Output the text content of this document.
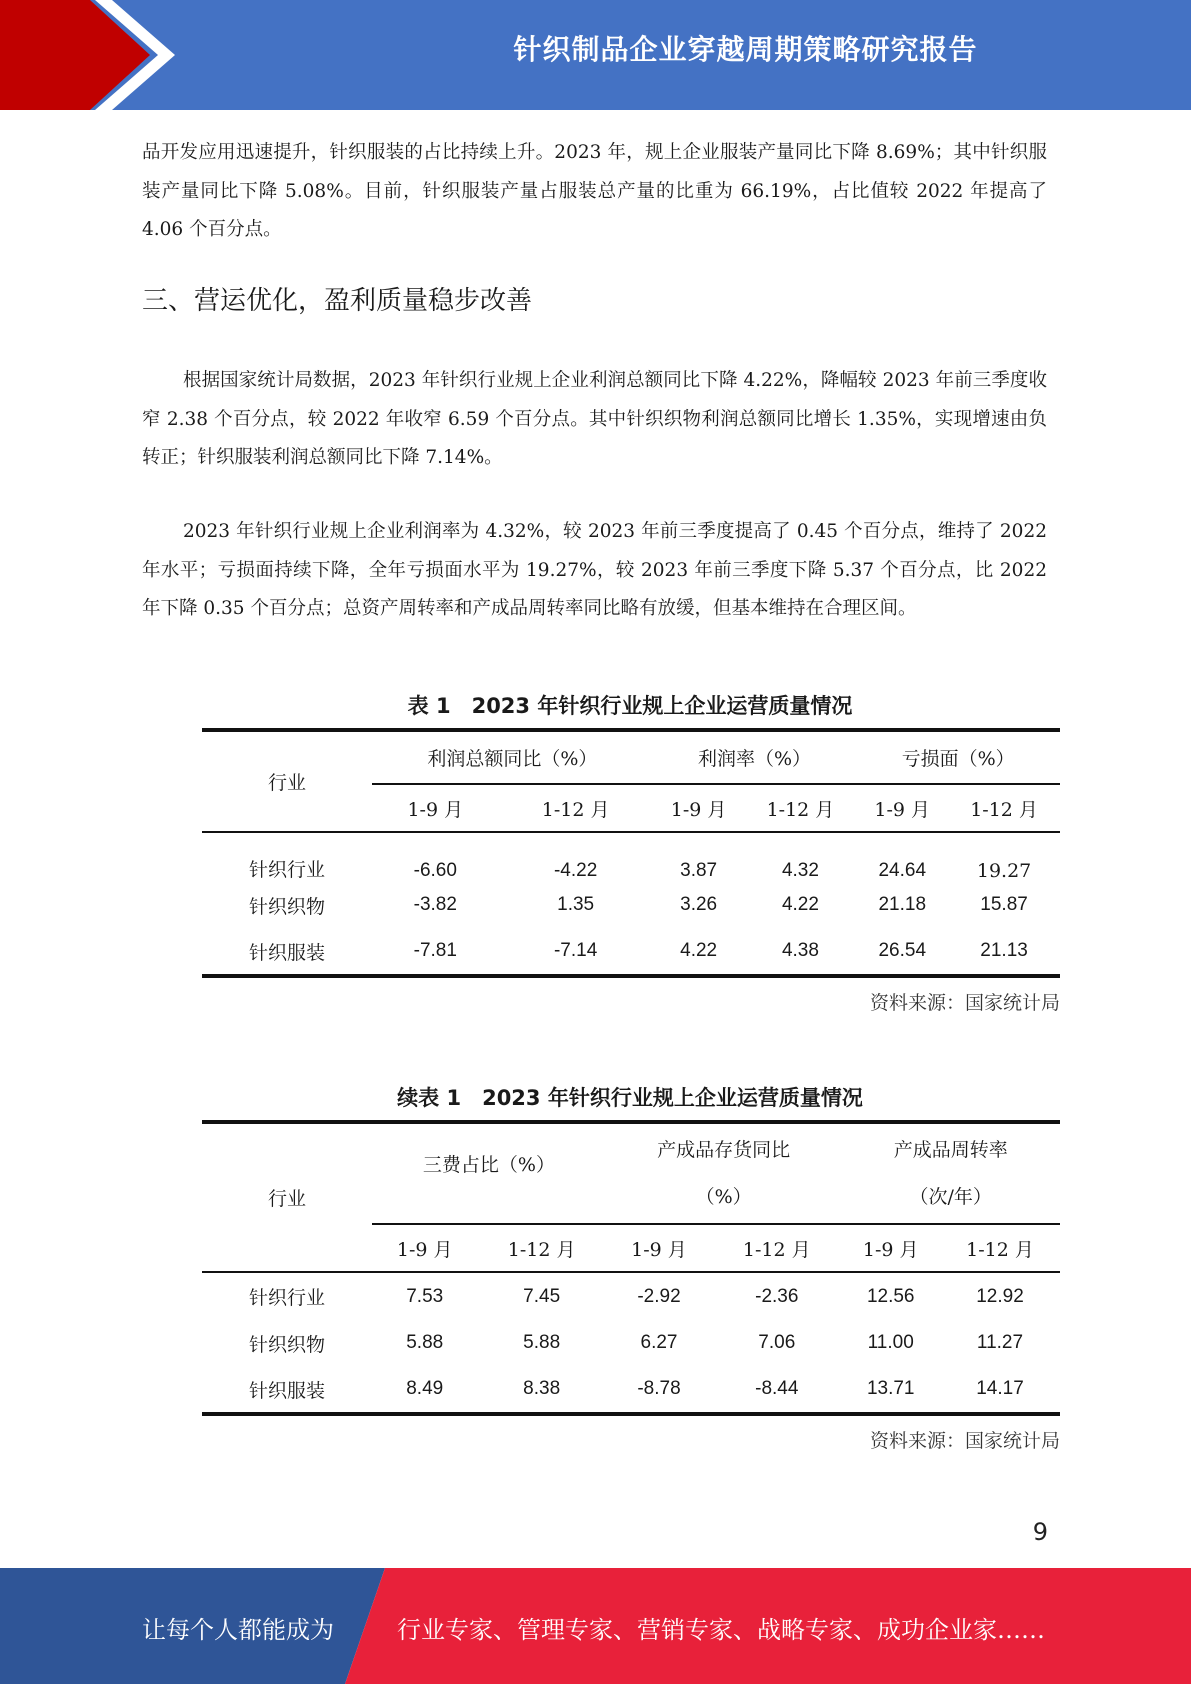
针织制品企业穿越周期策略研究报告

品开发应用迅速提升，针织服装的占比持续上升。2023 年，规上企业服装产量同比下降 8.69%；其中针织服装产量同比下降 5.08%。目前，针织服装产量占服装总产量的比重为 66.19%，占比值较 2022 年提高了 4.06 个百分点。

三、营运优化，盈利质量稳步改善

根据国家统计局数据，2023 年针织行业规上企业利润总额同比下降 4.22%，降幅较 2023 年前三季度收窄 2.38 个百分点，较 2022 年收窄 6.59 个百分点。其中针织织物利润总额同比增长 1.35%，实现增速由负转正；针织服装利润总额同比下降 7.14%。

2023 年针织行业规上企业利润率为 4.32%，较 2023 年前三季度提高了 0.45 个百分点，维持了 2022 年水平；亏损面持续下降，全年亏损面水平为 19.27%，较 2023 年前三季度下降 5.37 个百分点，比 2022 年下降 0.35 个百分点；总资产周转率和产成品周转率同比略有放缓，但基本维持在合理区间。

表 1　2023 年针织行业规上企业运营质量情况

行业	利润总额同比（%）		利润率（%）		亏损面（%）	
	1-9 月	1-12 月	1-9 月	1-12 月	1-9 月	1-12 月
针织行业	-6.60	-4.22	3.87	4.32	24.64	19.27
针织织物	-3.82	1.35	3.26	4.22	21.18	15.87
针织服装	-7.81	-7.14	4.22	4.38	26.54	21.13

资料来源：国家统计局

续表 1　2023 年针织行业规上企业运营质量情况

行业	三费占比（%）		产成品存货同比
（%）		产成品周转率
（次/年）	
	1-9 月	1-12 月	1-9 月	1-12 月	1-9 月	1-12 月
针织行业	7.53	7.45	-2.92	-2.36	12.56	12.92
针织织物	5.88	5.88	6.27	7.06	11.00	11.27
针织服装	8.49	8.38	-8.78	-8.44	13.71	14.17

资料来源：国家统计局

9

让每个人都能成为	行业专家、管理专家、营销专家、战略专家、成功企业家……
